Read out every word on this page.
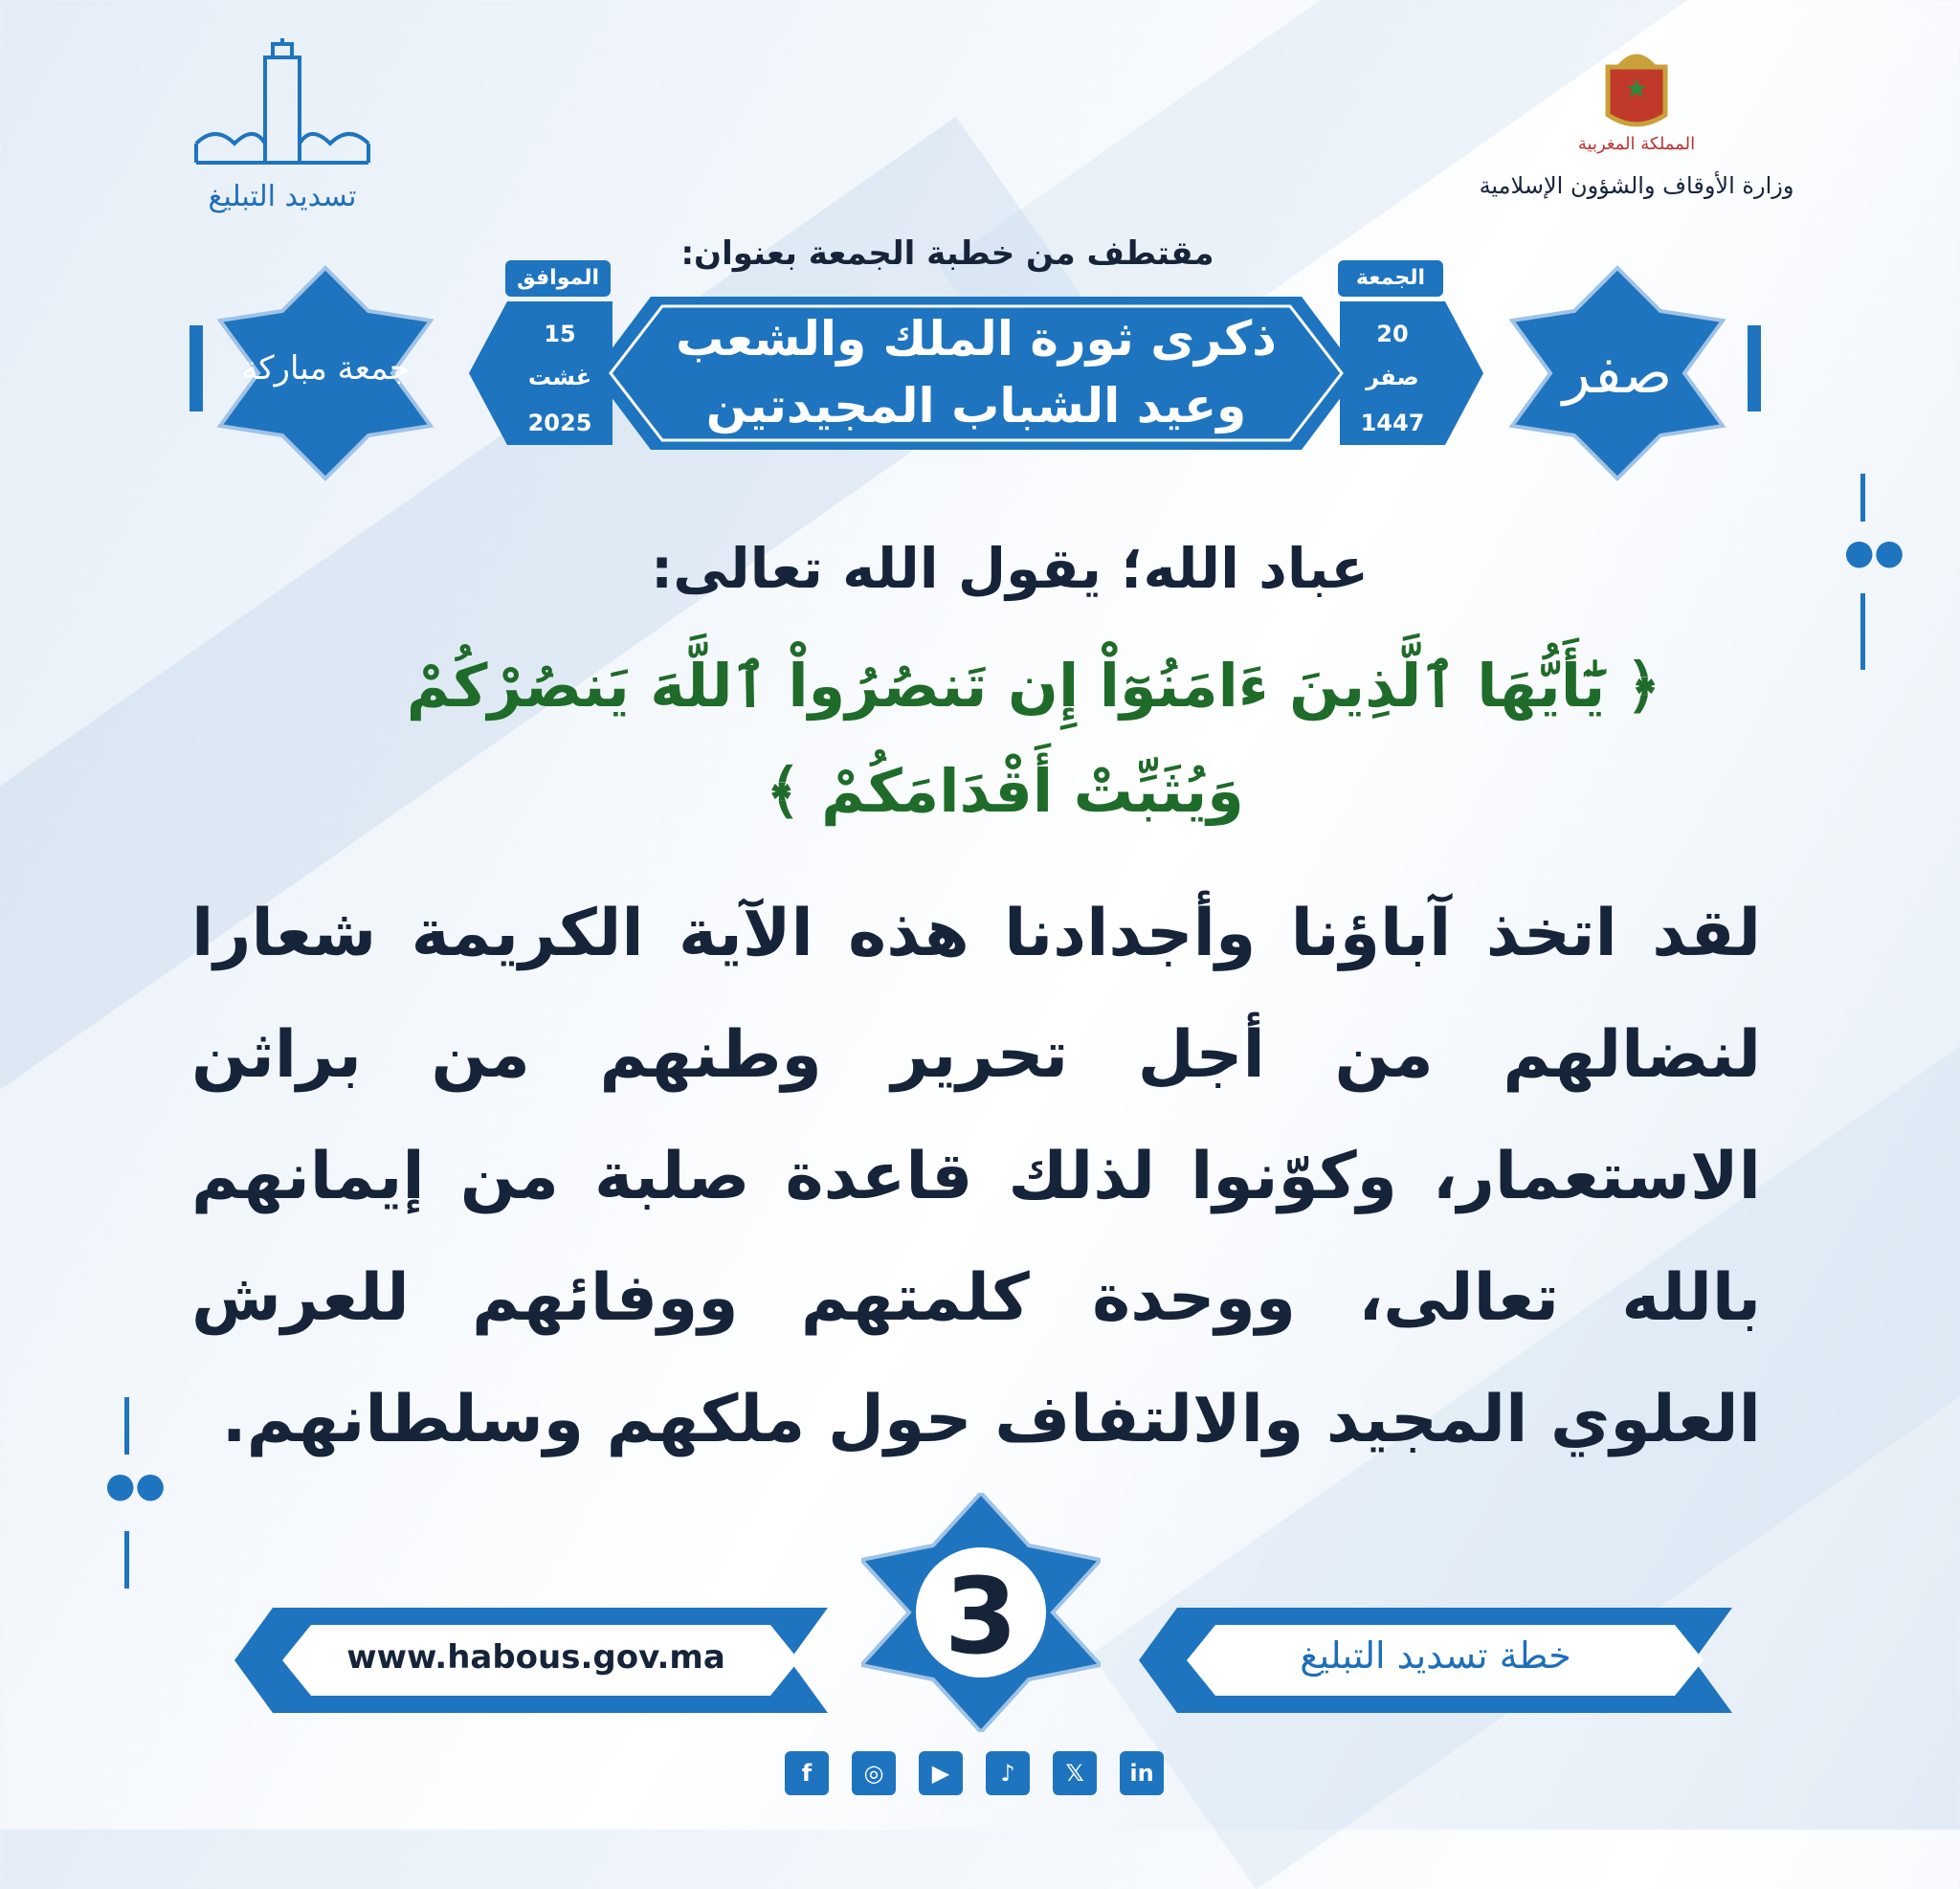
تسديد التبليغ
المملكة المغربية
وزارة الأوقاف والشؤون الإسلامية
مقتطف من خطبة الجمعة بعنوان:
جمعة مباركة	صفر
الموافق
15
غشت
2025
الجمعة
20
صفر
1447
ذكرى ثورة الملك والشعب
وعيد الشباب المجيدتين
●●
●●
عباد الله؛ يقول الله تعالى:
﴿ يَٰٓأَيُّهَا ٱلَّذِينَ ءَامَنُوٓاْ إِن تَنصُرُواْ ٱللَّهَ يَنصُرْكُمْ
وَيُثَبِّتْ أَقْدَامَكُمْ ﴾
لقد اتخذ آباؤنا وأجدادنا هذه الآية الكريمة شعارا
لنضالهم من أجل تحرير وطنهم من براثن
الاستعمار، وكوّنوا لذلك قاعدة صلبة من إيمانهم
بالله تعالى، ووحدة كلمتهم ووفائهم للعرش
العلوي المجيد والالتفاف حول ملكهم وسلطانهم.
www.habous.gov.ma	3	خطة تسديد التبليغ
f	◎	▶	♪	𝕏	in
